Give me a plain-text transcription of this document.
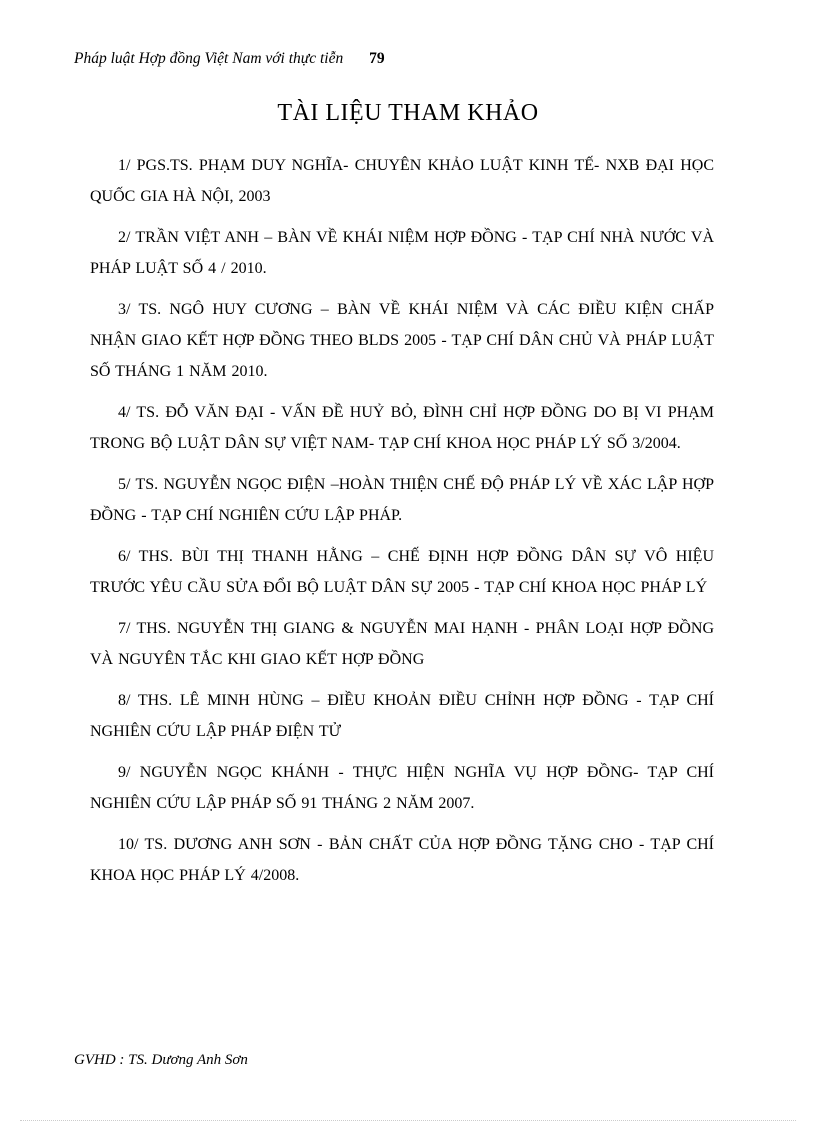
Pháp luật Hợp đồng Việt Nam với thực tiễn 79
TÀI LIỆU THAM KHẢO

1/ PGS.TS. PHẠM DUY NGHĨA- CHUYÊN KHẢO LUẬT KINH TẾ- NXB ĐẠI HỌC QUỐC GIA HÀ NỘI, 2003

2/ TRẦN VIỆT ANH – BÀN VỀ KHÁI NIỆM HỢP ĐỒNG - TẠP CHÍ NHÀ NƯỚC VÀ PHÁP LUẬT SỐ 4 / 2010.

3/ TS. NGÔ HUY CƯƠNG – BÀN VỀ KHÁI NIỆM VÀ CÁC ĐIỀU KIỆN CHẤP NHẬN GIAO KẾT HỢP ĐỒNG THEO BLDS 2005 - TẠP CHÍ DÂN CHỦ VÀ PHÁP LUẬT SỐ THÁNG 1 NĂM 2010.

4/ TS. ĐỖ VĂN ĐẠI - VẤN ĐỀ HUỶ BỎ, ĐÌNH CHỈ HỢP ĐỒNG DO BỊ VI PHẠM TRONG BỘ LUẬT DÂN SỰ VIỆT NAM- TẠP CHÍ KHOA HỌC PHÁP LÝ SỐ 3/2004.

5/ TS. NGUYỄN NGỌC ĐIỆN –HOÀN THIỆN CHẾ ĐỘ PHÁP LÝ VỀ XÁC LẬP HỢP ĐỒNG - TẠP CHÍ NGHIÊN CỨU LẬP PHÁP.

6/ THS. BÙI THỊ THANH HẰNG – CHẾ ĐỊNH HỢP ĐỒNG DÂN SỰ VÔ HIỆU TRƯỚC YÊU CẦU SỬA ĐỔI BỘ LUẬT DÂN SỰ 2005 - TẠP CHÍ KHOA HỌC PHÁP LÝ

7/ THS. NGUYỄN THỊ GIANG & NGUYỄN MAI HẠNH - PHÂN LOẠI HỢP ĐỒNG VÀ NGUYÊN TẮC KHI GIAO KẾT HỢP ĐỒNG

8/ THS. LÊ MINH HÙNG – ĐIỀU KHOẢN ĐIỀU CHỈNH HỢP ĐỒNG - TẠP CHÍ NGHIÊN CỨU LẬP PHÁP ĐIỆN TỬ

9/ NGUYỄN NGỌC KHÁNH - THỰC HIỆN NGHĨA VỤ HỢP ĐỒNG- TẠP CHÍ NGHIÊN CỨU LẬP PHÁP SỐ 91 THÁNG 2 NĂM 2007.

10/ TS. DƯƠNG ANH SƠN - BẢN CHẤT CỦA HỢP ĐỒNG TẶNG CHO - TẠP CHÍ KHOA HỌC PHÁP LÝ 4/2008.

GVHD : TS. Dương Anh Sơn
